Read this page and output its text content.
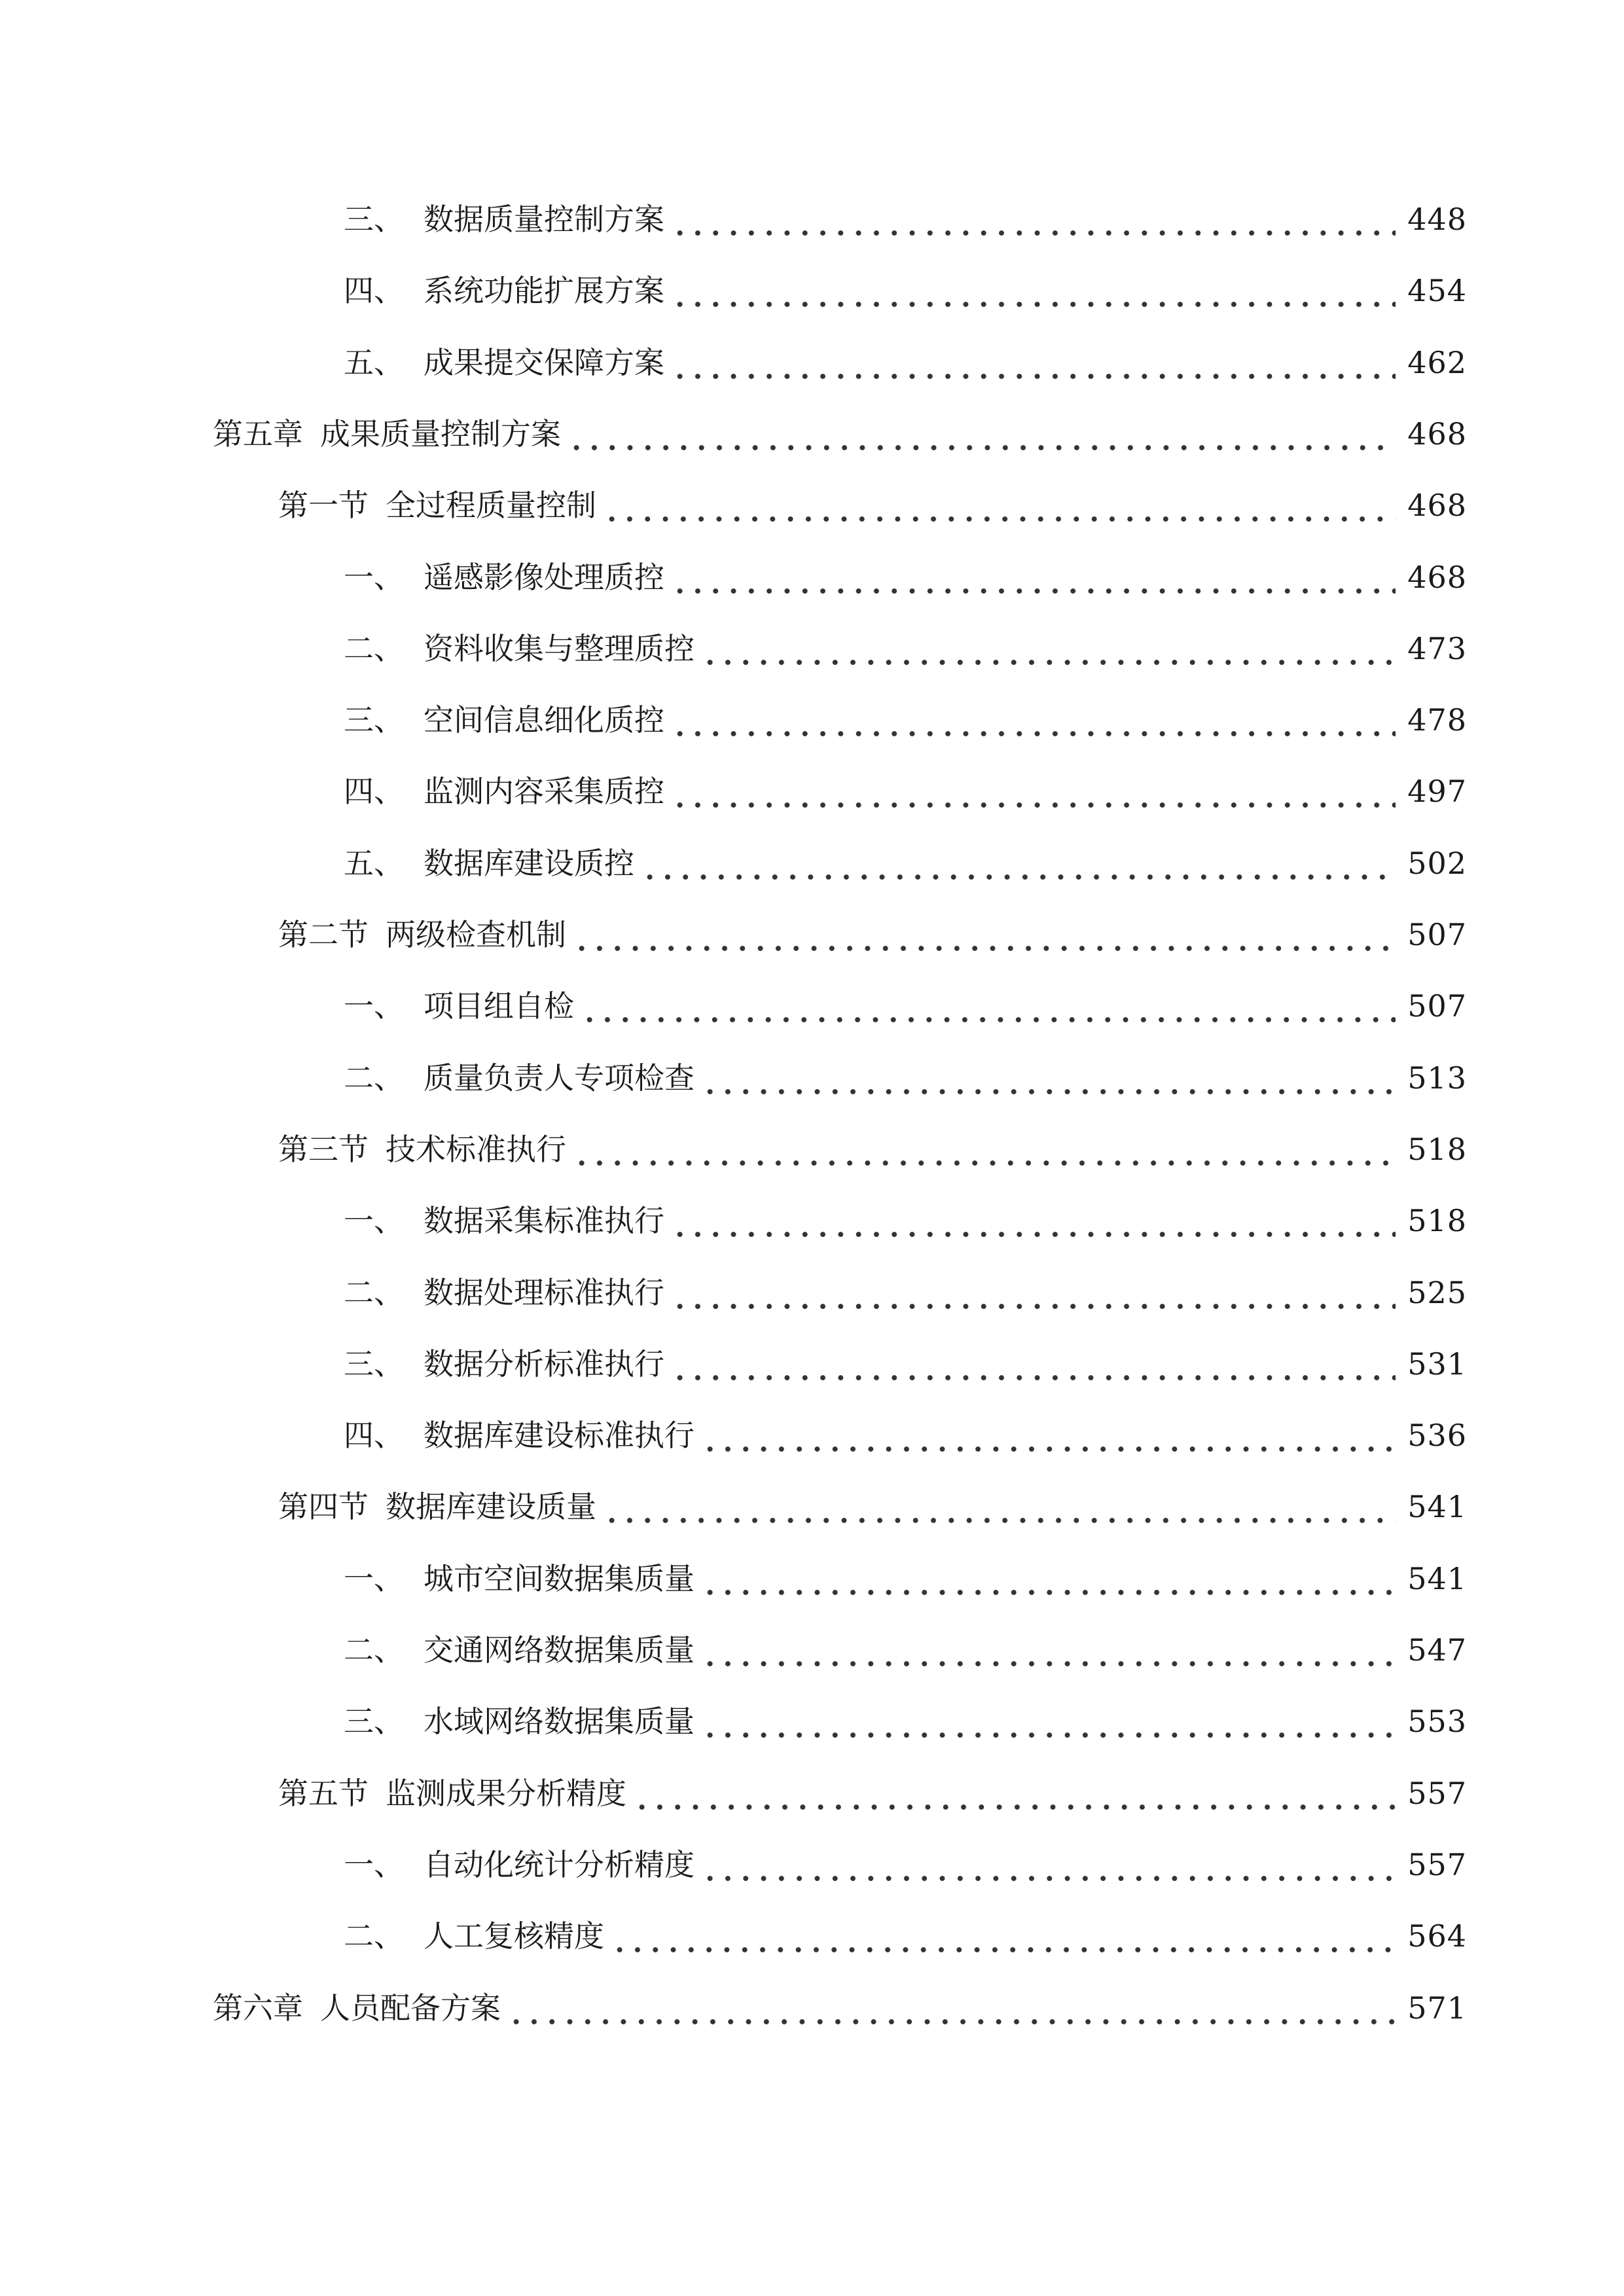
三、 数据质量控制方案	448
四、 系统功能扩展方案	454
五、 成果提交保障方案	462
第五章 成果质量控制方案	468
第一节 全过程质量控制	468
一、 遥感影像处理质控	468
二、 资料收集与整理质控	473
三、 空间信息细化质控	478
四、 监测内容采集质控	497
五、 数据库建设质控	502
第二节 两级检查机制	507
一、 项目组自检	507
二、 质量负责人专项检查	513
第三节 技术标准执行	518
一、 数据采集标准执行	518
二、 数据处理标准执行	525
三、 数据分析标准执行	531
四、 数据库建设标准执行	536
第四节 数据库建设质量	541
一、 城市空间数据集质量	541
二、 交通网络数据集质量	547
三、 水域网络数据集质量	553
第五节 监测成果分析精度	557
一、 自动化统计分析精度	557
二、 人工复核精度	564
第六章 人员配备方案	571
